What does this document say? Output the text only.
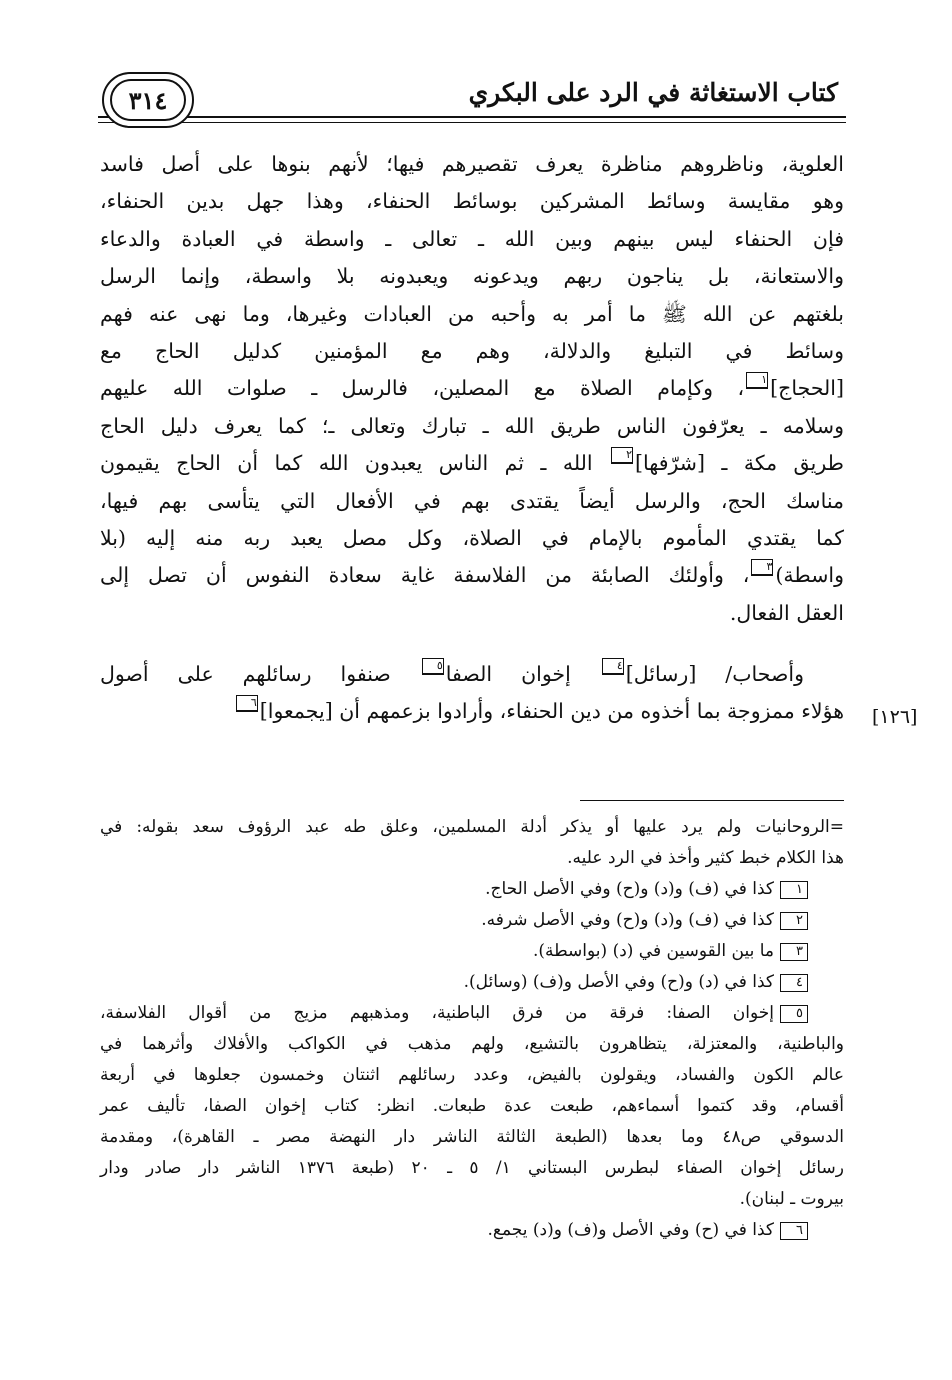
كتاب الاستغاثة في الرد على البكري
٣١٤
العلوية، وناظروهم مناظرة يعرف تقصيرهم فيها؛ لأنهم بنوها على أصل فاسد
وهو مقايسة وسائط المشركين بوسائط الحنفاء، وهذا جهل بدين الحنفاء،
فإن الحنفاء ليس بينهم وبين الله ـ تعالى ـ واسطة في العبادة والدعاء
والاستعانة، بل يناجون ربهم ويدعونه ويعبدونه بلا واسطة، وإنما الرسل
بلغتهم عن الله ﷺ ما أمر به وأحبه من العبادات وغيرها، وما نهى عنه فهم
وسائط في التبليغ والدلالة، وهم مع المؤمنين كدليل الحاج مع
[الحجاج]١، وكإمام الصلاة مع المصلين، فالرسل ـ صلوات الله عليهم
وسلامه ـ يعرّفون الناس طريق الله ـ تبارك وتعالى ـ؛ كما يعرف دليل الحاج
طريق مكة ـ [شرّفها]٢ الله ـ ثم الناس يعبدون الله كما أن الحاج يقيمون
مناسك الحج، والرسل أيضاً يقتدى بهم في الأفعال التي يتأسى بهم فيها،
كما يقتدي المأموم بالإمام في الصلاة، وكل مصل يعبد ربه منه إليه (بلا
واسطة)٣، وأولئك الصابئة من الفلاسفة غاية سعادة النفوس أن تصل إلى
العقل الفعال.
وأصحاب/ [رسائل]٤ إخوان الصفا٥ صنفوا رسائلهم على أصول
هؤلاء ممزوجة بما أخذوه من دين الحنفاء، وأرادوا بزعمهم أن [يجمعوا]٦
[١٢٦]
=الروحانيات ولم يرد عليها أو يذكر أدلة المسلمين، وعلق طه عبد الرؤوف سعد بقوله: في
هذا الكلام خبط كثير وأخذ في الرد عليه.
١كذا في (ف) و(د) و(ح) وفي الأصل الحاج.
٢كذا في (ف) و(د) و(ح) وفي الأصل شرفه.
٣ما بين القوسين في (د) (بواسطة).
٤كذا في (د) و(ح) وفي الأصل و(ف) (وسائل).
٥إخوان الصفا: فرقة من فرق الباطنية، ومذهبهم مزيج من أقوال الفلاسفة،
والباطنية، والمعتزلة، يتظاهرون بالتشيع، ولهم مذهب في الكواكب والأفلاك وأثرهما في
عالم الكون والفساد، ويقولون بالفيض، وعدد رسائلهم اثنتان وخمسون جعلوها في أربعة
أقسام، وقد كتموا أسماءهم، طبعت عدة طبعات. انظر: كتاب إخوان الصفا، تأليف عمر
الدسوقي ص٤٨ وما بعدها (الطبعة الثالثة الناشر دار النهضة مصر ـ القاهرة)، ومقدمة
رسائل إخوان الصفاء لبطرس البستاني ١/ ٥ ـ ٢٠ (طبعة ١٣٧٦ الناشر دار صادر ودار
بيروت ـ لبنان).
٦كذا في (ح) وفي الأصل و(ف) و(د) يجمع.
